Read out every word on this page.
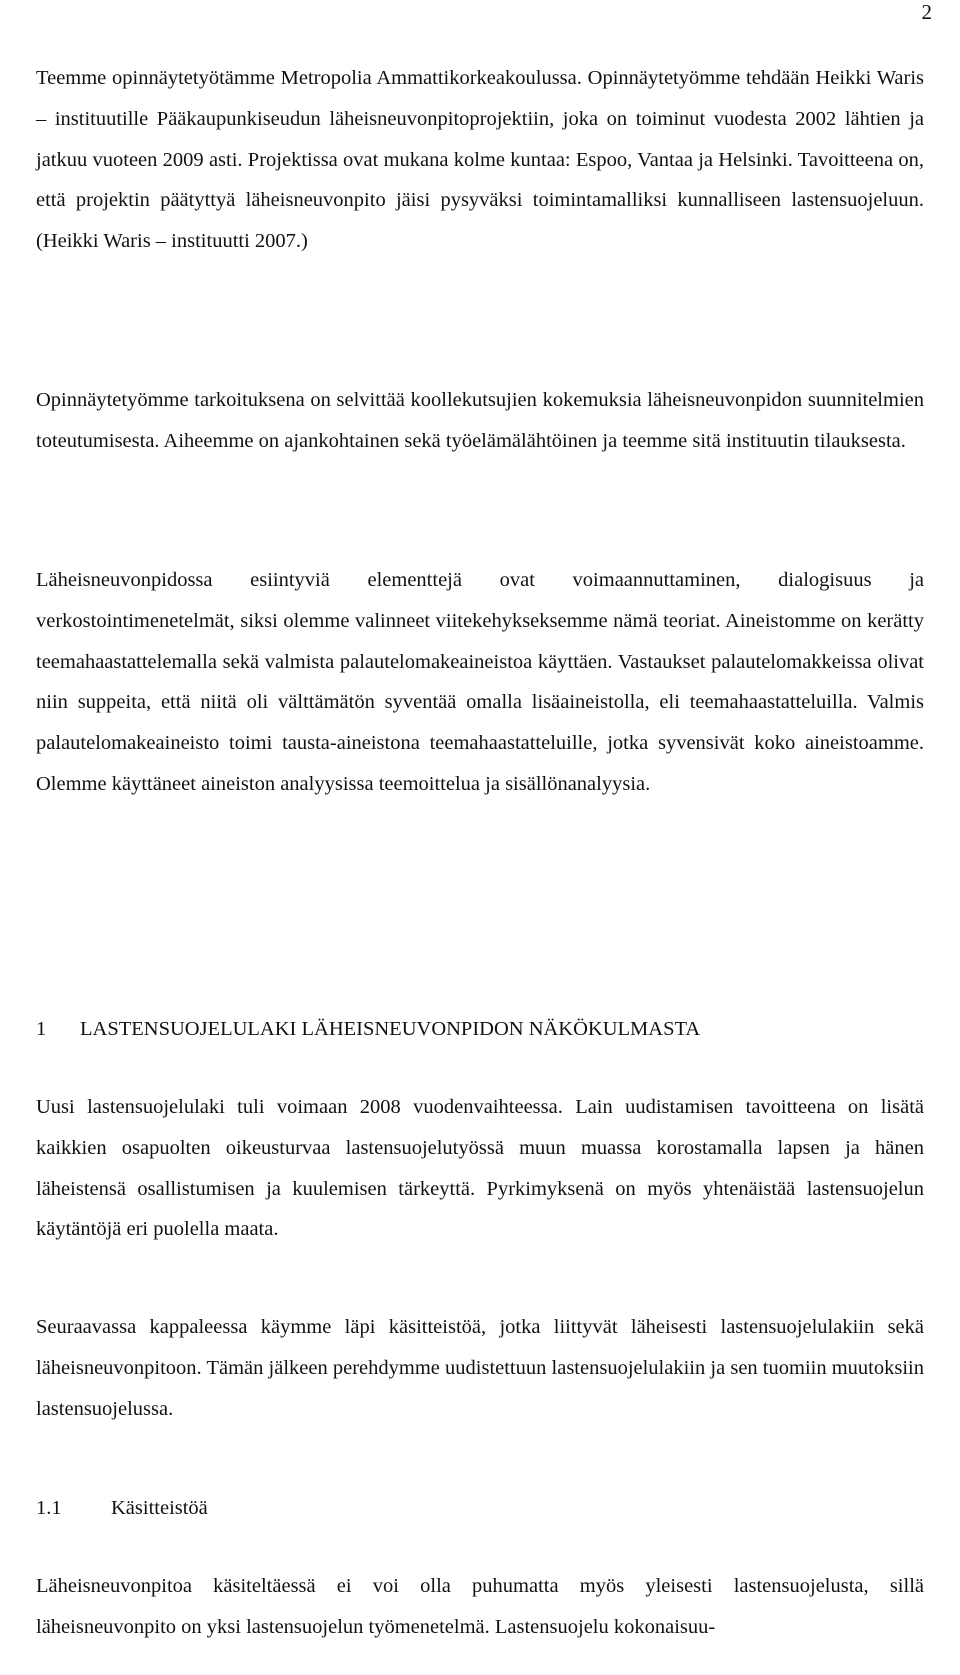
2

Teemme opinnäytetyötämme Metropolia Ammattikorkeakoulussa. Opinnäytetyömme tehdään Heikki Waris – instituutille Pääkaupunkiseudun läheisneuvonpitoprojektiin, joka on toiminut vuodesta 2002 lähtien ja jatkuu vuoteen 2009 asti. Projektissa ovat mukana kolme kuntaa: Espoo, Vantaa ja Helsinki. Tavoitteena on, että projektin päätyttyä läheisneuvonpito jäisi pysyväksi toimintamalliksi kunnalliseen lastensuojeluun. (Heikki Waris – instituutti 2007.)

Opinnäytetyömme tarkoituksena on selvittää koollekutsujien kokemuksia läheisneuvonpidon suunnitelmien toteutumisesta. Aiheemme on ajankohtainen sekä työelämälähtöinen ja teemme sitä instituutin tilauksesta.

Läheisneuvonpidossa esiintyviä elementtejä ovat voimaannuttaminen, dialogisuus ja verkostointimenetelmät, siksi olemme valinneet viitekehykseksemme nämä teoriat. Aineistomme on kerätty teemahaastattelemalla sekä valmista palautelomakeaineistoa käyttäen. Vastaukset palautelomakkeissa olivat niin suppeita, että niitä oli välttämätön syventää omalla lisäaineistolla, eli teemahaastatteluilla. Valmis palautelomakeaineisto toimi tausta-aineistona teemahaastatteluille, jotka syvensivät koko aineistoamme. Olemme käyttäneet aineiston analyysissa teemoittelua ja sisällönanalyysia.

1 LASTENSUOJELULAKI LÄHEISNEUVONPIDON NÄKÖKULMASTA

Uusi lastensuojelulaki tuli voimaan 2008 vuodenvaihteessa. Lain uudistamisen tavoitteena on lisätä kaikkien osapuolten oikeusturvaa lastensuojelutyössä muun muassa korostamalla lapsen ja hänen läheistensä osallistumisen ja kuulemisen tärkeyttä. Pyrkimyksenä on myös yhtenäistää lastensuojelun käytäntöjä eri puolella maata.

Seuraavassa kappaleessa käymme läpi käsitteistöä, jotka liittyvät läheisesti lastensuojelulakiin sekä läheisneuvonpitoon. Tämän jälkeen perehdymme uudistettuun lastensuojelulakiin ja sen tuomiin muutoksiin lastensuojelussa.

1.1 Käsitteistöä

Läheisneuvonpitoa käsiteltäessä ei voi olla puhumatta myös yleisesti lastensuojelusta, sillä läheisneuvonpito on yksi lastensuojelun työmenetelmä. Lastensuojelu kokonaisuu-
